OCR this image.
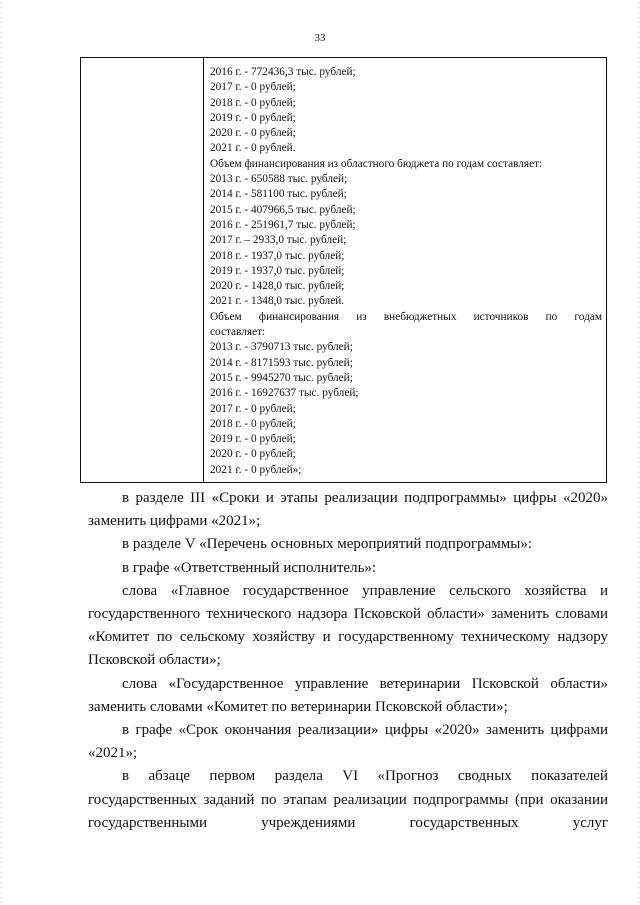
33
2016 г. - 772436,3 тыс. рублей;
2017 г. - 0 рублей;
2018 г. - 0 рублей;
2019 г. - 0 рублей;
2020 г. - 0 рублей;
2021 г. - 0 рублей.
Объем финансирования из областного бюджета по годам составляет:
2013 г. - 650588 тыс. рублей;
2014 г. - 581100 тыс. рублей;
2015 г. - 407966,5 тыс. рублей;
2016 г. - 251961,7 тыс. рублей;
2017 г. – 2933,0 тыс. рублей;
2018 г. - 1937,0 тыс. рублей;
2019 г. - 1937,0 тыс. рублей;
2020 г. - 1428,0 тыс. рублей;
2021 г. - 1348,0 тыс. рублей.
Объем финансирования из внебюджетных источников по годам
составляет:
2013 г. - 3790713 тыс. рублей;
2014 г. - 8171593 тыс. рублей;
2015 г. - 9945270 тыс. рублей;
2016 г. - 16927637 тыс. рублей;
2017 г. - 0 рублей;
2018 г. - 0 рублей;
2019 г. - 0 рублей;
2020 г. - 0 рублей;
2021 г. - 0 рублей»;

в разделе III «Сроки и этапы реализации подпрограммы» цифры «2020» заменить цифрами «2021»;

в разделе V «Перечень основных мероприятий подпрограммы»:

в графе «Ответственный исполнитель»:

слова «Главное государственное управление сельского хозяйства и государственного технического надзора Псковской области» заменить словами «Комитет по сельскому хозяйству и государственному техническому надзору Псковской области»;

слова «Государственное управление ветеринарии Псковской области» заменить словами «Комитет по ветеринарии Псковской области»;

в графе «Срок окончания реализации» цифры «2020» заменить цифрами «2021»;

в абзаце первом раздела VI «Прогноз сводных показателей государственных заданий по этапам реализации подпрограммы (при оказании государственными учреждениями государственных услуг
